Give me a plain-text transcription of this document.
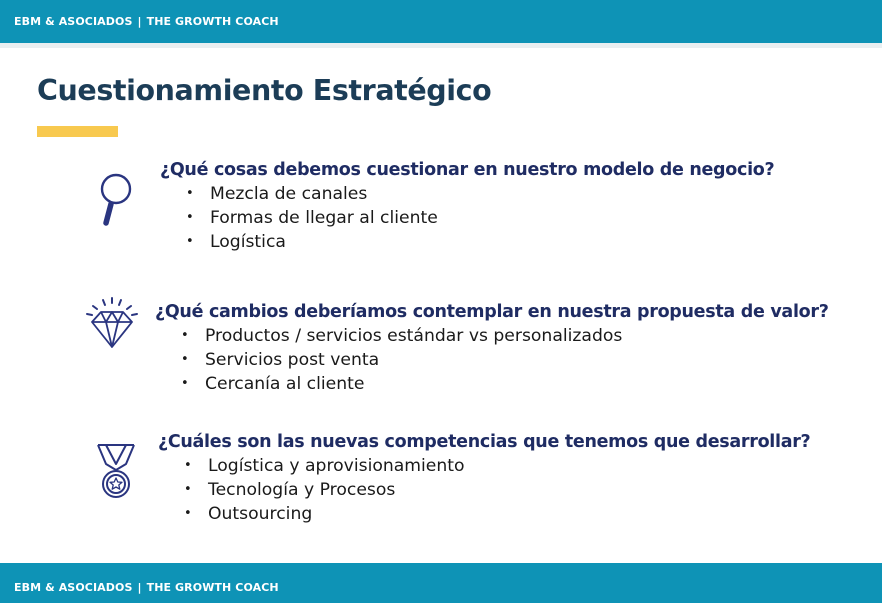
EBM & ASOCIADOS | THE GROWTH COACH
Cuestionamiento Estratégico
¿Qué cosas debemos cuestionar en nuestro modelo de negocio?
• Mezcla de canales
• Formas de llegar al cliente
• Logística
¿Qué cambios deberíamos contemplar en nuestra propuesta de valor?
• Productos / servicios estándar vs personalizados
• Servicios post venta
• Cercanía al cliente
¿Cuáles son las nuevas competencias que tenemos que desarrollar?
• Logística y aprovisionamiento
• Tecnología y Procesos
• Outsourcing
EBM & ASOCIADOS | THE GROWTH COACH
